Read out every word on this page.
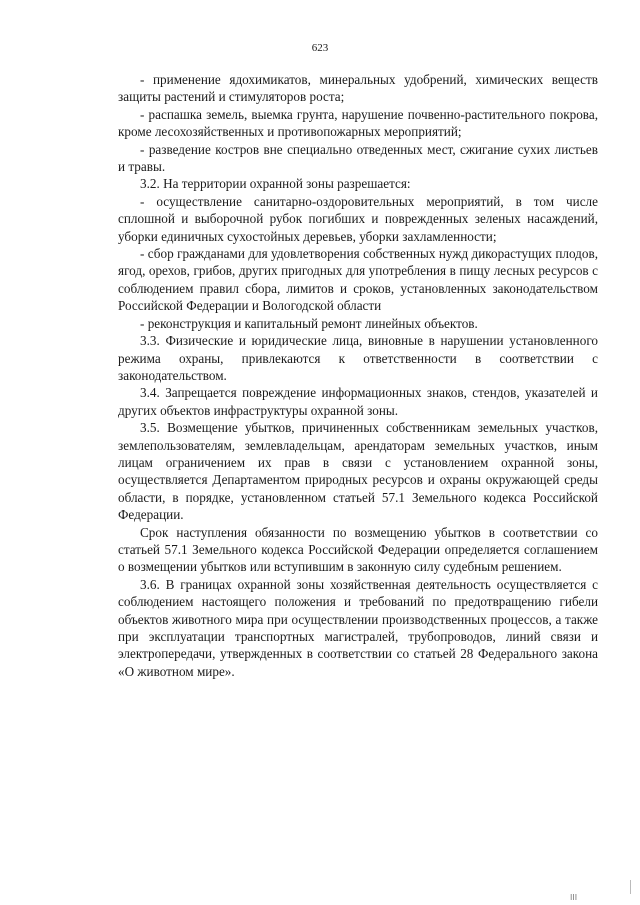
623

- применение ядохимикатов, минеральных удобрений, химических веществ защиты растений и стимуляторов роста;

- распашка земель, выемка грунта, нарушение почвенно-растительного покрова, кроме лесохозяйственных и противопожарных мероприятий;

- разведение костров вне специально отведенных мест, сжигание сухих листьев и травы.

3.2. На территории охранной зоны разрешается:

- осуществление санитарно-оздоровительных мероприятий, в том числе сплошной и выборочной рубок погибших и поврежденных зеленых насаждений, уборки единичных сухостойных деревьев, уборки захламленности;

- сбор гражданами для удовлетворения собственных нужд дикорастущих плодов, ягод, орехов, грибов, других пригодных для употребления в пищу лесных ресурсов с соблюдением правил сбора, лимитов и сроков, установленных законодательством Российской Федерации и Вологодской области

- реконструкция и капитальный ремонт линейных объектов.

3.3. Физические и юридические лица, виновные в нарушении установленного режима охраны, привлекаются к ответственности в соответствии с законодательством.

3.4. Запрещается повреждение информационных знаков, стендов, указателей и других объектов инфраструктуры охранной зоны.

3.5. Возмещение убытков, причиненных собственникам земельных участков, землепользователям, землевладельцам, арендаторам земельных участков, иным лицам ограничением их прав в связи с установлением охранной зоны, осуществляется Департаментом природных ресурсов и охраны окружающей среды области, в порядке, установленном статьей 57.1 Земельного кодекса Российской Федерации.

Срок наступления обязанности по возмещению убытков в соответствии со статьей 57.1 Земельного кодекса Российской Федерации определяется соглашением о возмещении убытков или вступившим в законную силу судебным решением.

3.6. В границах охранной зоны хозяйственная деятельность осуществляется с соблюдением настоящего положения и требований по предотвращению гибели объектов животного мира при осуществлении производственных процессов, а также при эксплуатации транспортных магистралей, трубопроводов, линий связи и электропередачи, утвержденных в соответствии со статьей 28 Федерального закона «О животном мире».

III
